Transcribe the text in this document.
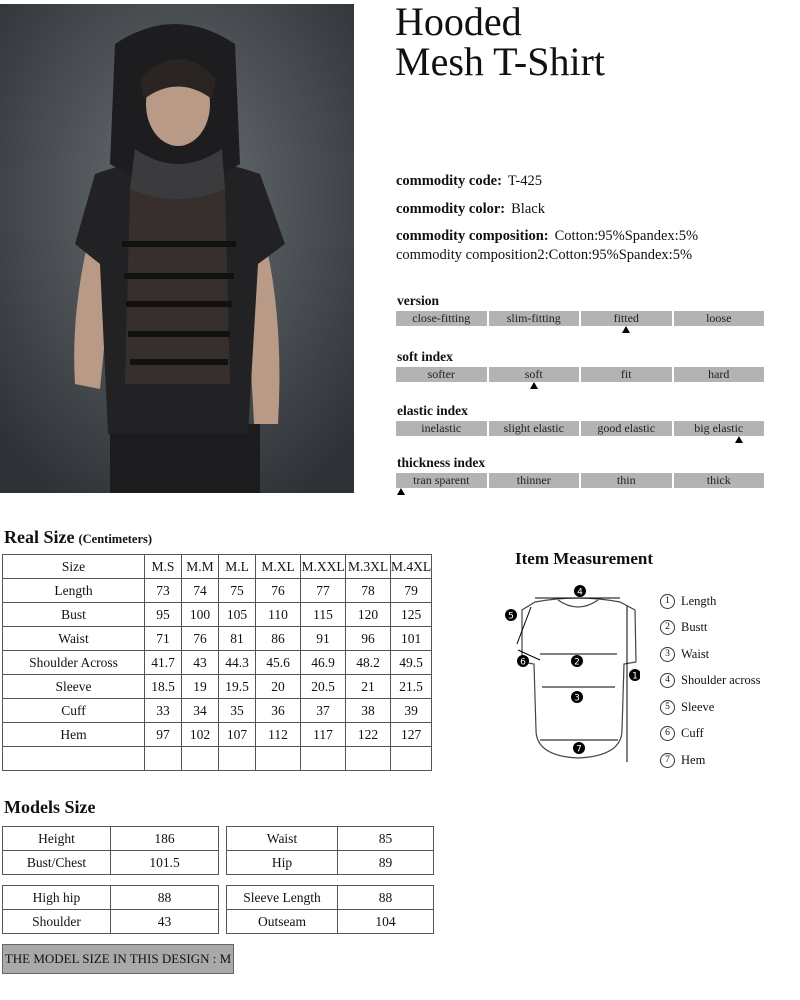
Hooded
Mesh T-Shirt
commodity code: T-425
commodity color: Black
commodity composition: Cotton:95%Spandex:5%
commodity composition2:Cotton:95%Spandex:5%
version
close-fitting	slim-fitting	fitted	loose
soft index
softer	soft	fit	hard
elastic index
inelastic	slight elastic	good elastic	big elastic
thickness index
tran sparent	thinner	thin	thick
Real Size (Centimeters)
Size	M.S	M.M	M.L	M.XL	M.XXL	M.3XL	M.4XL
Length	73	74	75	76	77	78	79
Bust	95	100	105	110	115	120	125
Waist	71	76	81	86	91	96	101
Shoulder Across	41.7	43	44.3	45.6	46.9	48.2	49.5
Sleeve	18.5	19	19.5	20	20.5	21	21.5
Cuff	33	34	35	36	37	38	39
Hem	97	102	107	112	117	122	127

Item Measurement
4
5
6	2
3
7
1
1 Length
2 Bustt
3 Waist
4 Shoulder across
5 Sleeve
6 Cuff
7 Hem
Models Size
Height	186
Bust/Chest	101.5
Waist	85
Hip	89
High hip	88
Shoulder	43
Sleeve Length	88
Outseam	104
THE MODEL SIZE IN THIS DESIGN : M
